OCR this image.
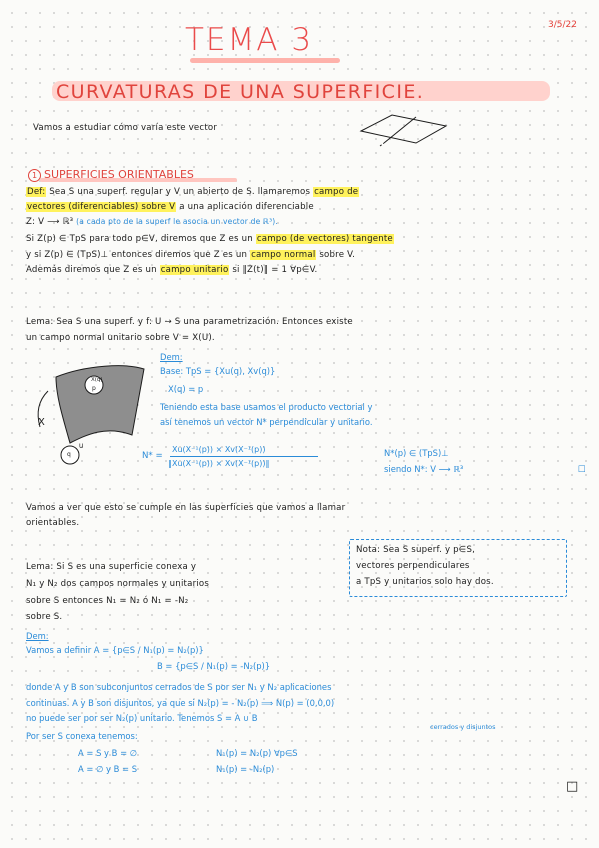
3/5/22
TEMA 3
CURVATURAS DE UNA SUPERFICIE.
Vamos a estudiar cómo varía este vector
1 SUPERFICIES ORIENTABLES
Def: Sea S una superf. regular y V un abierto de S. llamaremos campo de
vectores (diferenciables) sobre V a una aplicación diferenciable
Z: V ⟶ ℝ³ (a cada pto de la superf le asocia un vector de ℝ³).
Si Z(p) ∈ TpS para todo p∈V, diremos que Z es un campo (de vectores) tangente
y si Z(p) ∈ (TpS)⊥ entonces diremos que Z es un campo normal sobre V.
Además diremos que Z es un campo unitario si ‖Z(t)‖ = 1 ∀p∈V.
Lema: Sea S una superf. y f: U → S una parametrización. Entonces existe
un campo normal unitario sobre V = X(U).
Dem:
Base: TpS = {Xu(q), Xv(q)}
X(q) = p
Teniendo esta base usamos el producto vectorial y
así tenemos un vector N* perpendicular y unitario.
X(q)
p
X
q
U
N* =
Xu(X⁻¹(p)) × Xv(X⁻¹(p))
‖Xu(X⁻¹(p)) × Xv(X⁻¹(p))‖
N*(p) ∈ (TpS)⊥
siendo N*: V ⟶ ℝ³	□
Vamos a ver que esto se cumple en las superficies que vamos a llamar
orientables.
Lema: Si S es una superficie conexa y
N₁ y N₂ dos campos normales y unitarios
sobre S entonces N₁ = N₂ ó N₁ = -N₂
sobre S.
Nota: Sea S superf. y p∈S,
vectores perpendiculares
a TpS y unitarios solo hay dos.
Dem:
Vamos a definir A = {p∈S / N₁(p) = N₂(p)}
B = {p∈S / N₁(p) = -N₂(p)}
donde A y B son subconjuntos cerrados de S por ser N₁ y N₂ aplicaciones
continuas. A y B son disjuntos, ya que si N₂(p) = - N₂(p) ⟹ N(p) = (0,0,0)
no puede ser por ser N₂(p) unitario. Tenemos S = A ∪ B
cerrados y disjuntos
Por ser S conexa tenemos:
A = S y B = ∅	N₁(p) = N₂(p) ∀p∈S
A = ∅ y B = S	N₁(p) = -N₂(p)
□
